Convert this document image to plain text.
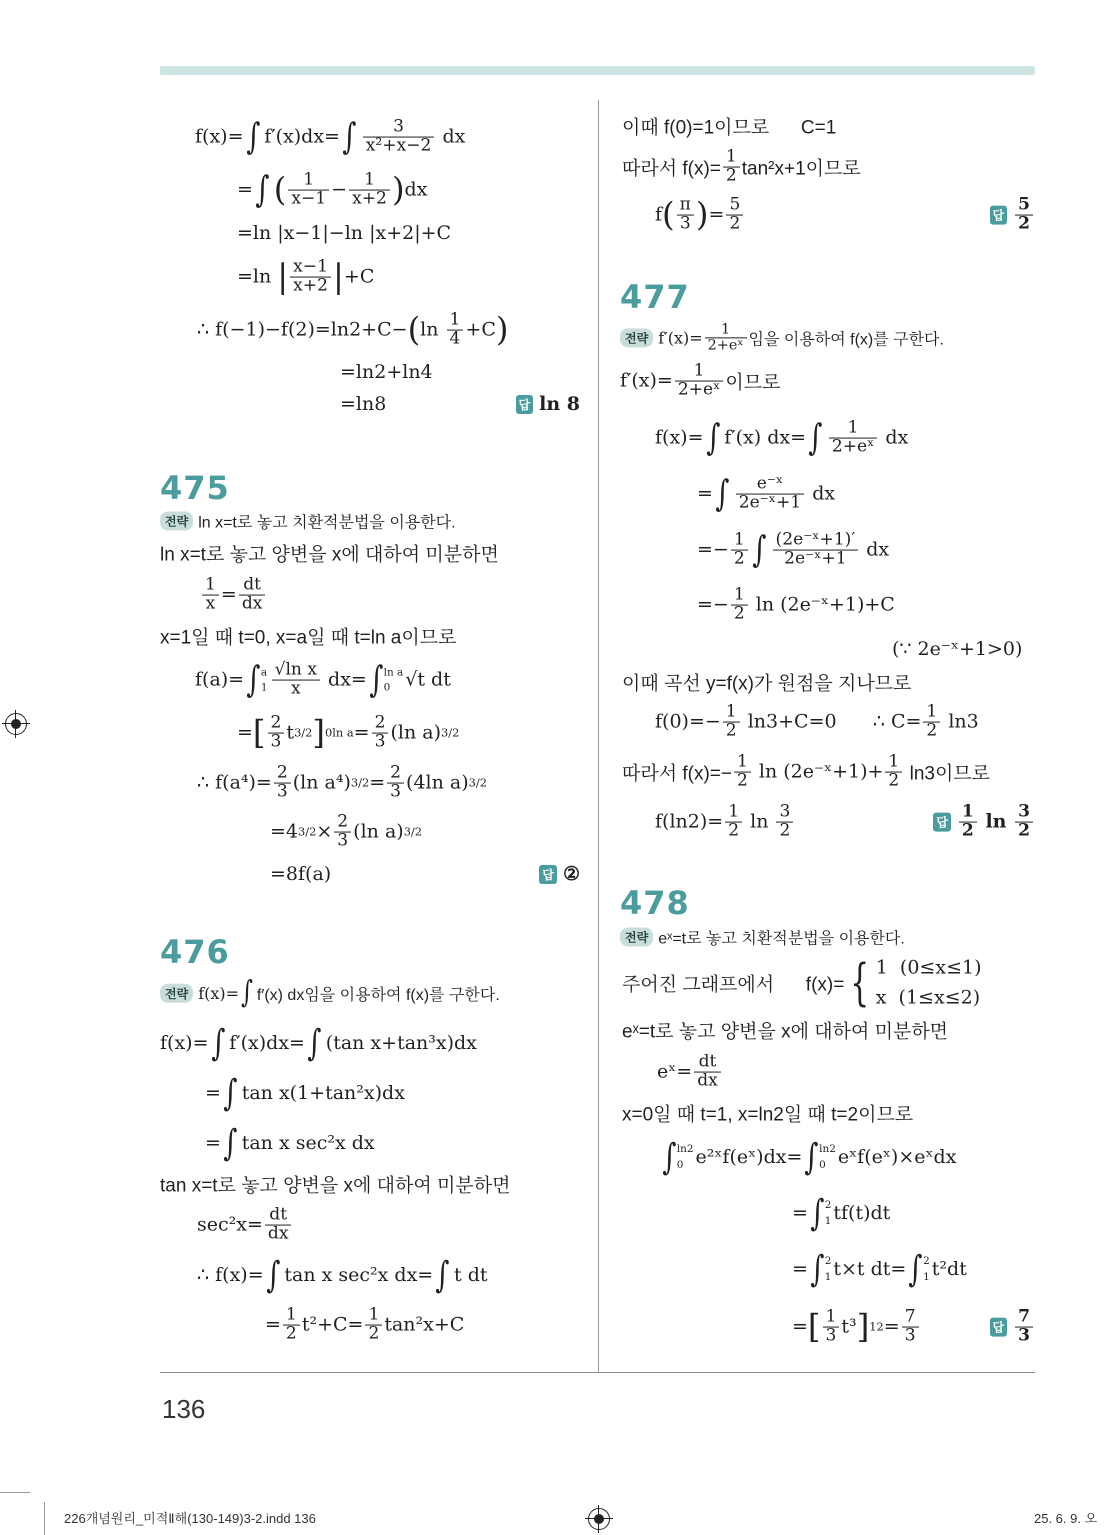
f(x)= ∫ f′(x)dx= ∫ $\frac{3}{\text{x²+x−2}}$ dx
= ∫ ( $\frac{1}{x-1} - \frac{1}{x+2}$ ) dx
=ln |x−1|−ln |x+2|+C
=ln | $\frac{x-1}{x+2}$ | +C
∴ f(−1)−f(2)=ln2+C− ( $\ln \frac{1}{4} +C$ )
=ln2+ln4
=ln8	답 ln 8
475
전략 ln x=t로 놓고 치환적분법을 이용한다.
ln x=t로 놓고 양변을 x에 대하여 미분하면
$\frac{1}{x} = \frac{dt}{dx}$
x=1일 때 t=0, x=a일 때 t=ln a이므로
f(a)= ∫ a
$1 \frac{\text{√ln x}}{x} dx=$ ∫ ln a
0 √t dt
= [ $\frac{2}{3}$ t 3/2 ] 0 $\ln a = \frac{2}{3} (\ln$ a) 3/2
∴ $f(a^4)= \frac{2}{3} (\ln$ a⁴) $3/2 = \frac{2}{3} (4\ln$ a) 3/2
=4 $3/2 \times \frac{2}{3} (\ln$ a) 3/2
=8f(a)	답 ②
476
전략 f(x)= ∫ f′(x) dx임을 이용하여 f(x)를 구한다.
f(x)= ∫ f′(x)dx= ∫ (tan x+tan³x)dx
= ∫ tan x(1+tan²x)dx
= ∫ tan x sec²x dx
tan x=t로 놓고 양변을 x에 대하여 미분하면
$\sec^2x= \frac{dt}{dx}$
∴ f(x)= ∫ tan x sec²x dx= ∫ t dt
= $\frac{1}{2} t^2+C= \frac{1}{2} \tan^2x+C$
이때 f(0)=1이므로      C=1
따라서 $f(x)= \frac{1}{2} \tan^2x+1$이므로
f ( $\frac{\pi}{3}$ ) = $\frac{5}{2}$	답 $\frac{5}{2}$
477
전략 $f'(x)= \frac{1}{\text{2+eˣ}}$ 임을 이용하여 f(x)를 구한다.
$f'(x)= \frac{1}{\text{2+eˣ}}$ 이므로
f(x)= ∫ f′(x) dx= ∫ $\frac{1}{\text{2+eˣ}}$ dx
= ∫ $\frac{\text{e⁻ˣ}}{\text{2e⁻ˣ+1}}$ dx
=− $\frac{1}{2}$ ∫ $\frac{\text{(2e⁻ˣ+1)′}}{\text{2e⁻ˣ+1}}$ dx
=− $\frac{1}{2}$ ln (2e⁻ˣ+1)+C
(∵ 2e⁻ˣ+1>0)
이때 곡선 y=f(x)가 원점을 지나므로
$f(0)=- \frac{1}{2} \ln 3+C=0$      ∴ $C= \frac{1}{2} \ln 3$
따라서 $f(x)=- \frac{1}{2}$ ln (2e⁻ˣ+1)+ $\frac{1}{2} \ln 3$이므로
$f(\ln 2)= \frac{1}{2}$ $\ln \frac{3}{2}$	답 $\frac{1}{2}$ $\ln \frac{3}{2}$
478
전략 eˣ=t로 놓고 치환적분법을 이용한다.
주어진 그래프에서      f(x)= { 1  (0≤x≤1)
x  (1≤x≤2)
eˣ=t로 놓고 양변을 x에 대하여 미분하면
eˣ= $\frac{dt}{dx}$
x=0일 때 t=1, x=ln2일 때 t=2이므로
∫ ln2
0 e²ˣf(eˣ)dx= ∫ ln2
0 eˣf(eˣ)×eˣdx
= ∫ 2
1 tf(t)dt
= ∫ 2
1 t×t dt= ∫ 2
1 t²dt
= [ $\frac{1}{3} t^3$ ] 1 $2 = \frac{7}{3}$	답 $\frac{7}{3}$
136
226개념원리_미적Ⅱ해(130-149)3-2.indd 136	25. 6. 9. 오
